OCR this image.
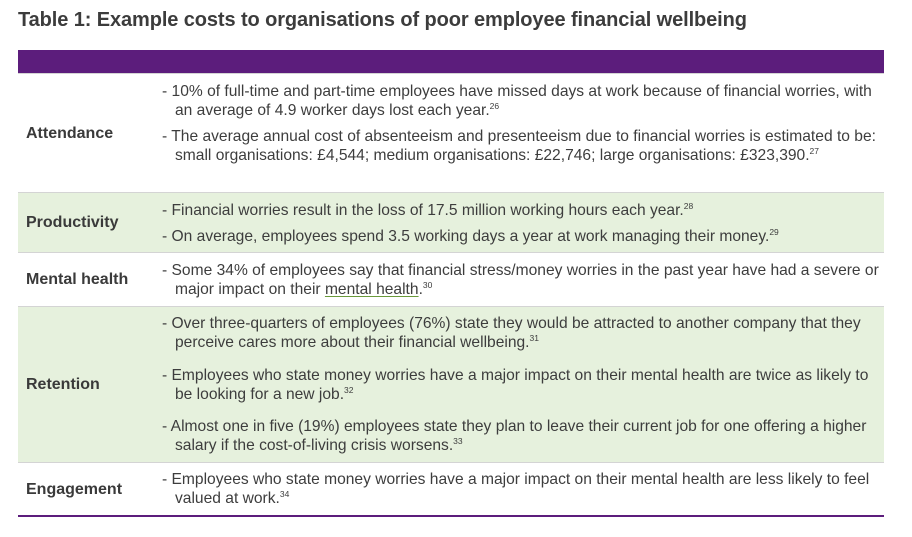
Table 1: Example costs to organisations of poor employee financial wellbeing
Attendance
- 10% of full-time and part-time employees have missed days at work because of financial worries, with an average of 4.9 worker days lost each year.$^{26}$
- The average annual cost of absenteeism and presenteeism due to financial worries is estimated to be: small organisations: £4,544; medium organisations: £22,746; large organisations: £323,390.27
Productivity
- Financial worries result in the loss of 17.5 million working hours each year.$^{28}$
- On average, employees spend 3.5 working days a year at work managing their money.$^{29}$
Mental health
- Some 34% of employees say that financial stress/money worries in the past year have had a severe or major impact on their mental health.$^{30}$
Retention
- Over three-quarters of employees (76%) state they would be attracted to another company that they perceive cares more about their financial wellbeing.$^{31}$
- Employees who state money worries have a major impact on their mental health are twice as likely to be looking for a new job.$^{32}$
- Almost one in five (19%) employees state they plan to leave their current job for one offering a higher salary if the cost-of-living crisis worsens.$^{33}$
Engagement
- Employees who state money worries have a major impact on their mental health are less likely to feel valued at work.$^{34}$
